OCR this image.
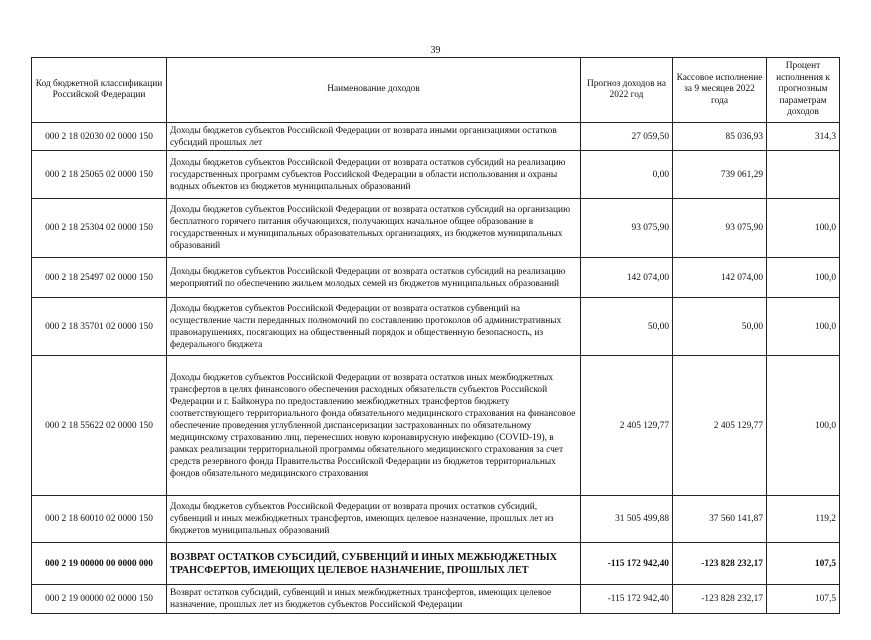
39
Код бюджетной классификации Российской Федерации	Наименование доходов	Прогноз доходов на 2022 год	Кассовое исполнение за 9 месяцев 2022 года	Процент исполнения к прогнозным параметрам доходов
000 2 18 02030 02 0000 150	Доходы бюджетов субъектов Российской Федерации от возврата иными организациями остатков субсидий прошлых лет	27 059,50	85 036,93	314,3
000 2 18 25065 02 0000 150	Доходы бюджетов субъектов Российской Федерации от возврата остатков субсидий на реализацию государственных программ субъектов Российской Федерации в области использования и охраны водных объектов из бюджетов муниципальных образований	0,00	739 061,29	
000 2 18 25304 02 0000 150	Доходы бюджетов субъектов Российской Федерации от возврата остатков субсидий на организацию бесплатного горячего питания обучающихся, получающих начальное общее образование в государственных и муниципальных образовательных организациях, из бюджетов муниципальных образований	93 075,90	93 075,90	100,0
000 2 18 25497 02 0000 150	Доходы бюджетов субъектов Российской Федерации от возврата остатков субсидий на реализацию мероприятий по обеспечению жильем молодых семей из бюджетов муниципальных образований	142 074,00	142 074,00	100,0
000 2 18 35701 02 0000 150	Доходы бюджетов субъектов Российской Федерации от возврата остатков субвенций на осуществление части переданных полномочий по составлению протоколов об административных правонарушениях, посягающих на общественный порядок и общественную безопасность, из федерального бюджета	50,00	50,00	100,0
000 2 18 55622 02 0000 150	Доходы бюджетов субъектов Российской Федерации от возврата остатков иных межбюджетных трансфертов в целях финансового обеспечения расходных обязательств субъектов Российской Федерации и г. Байконура по предоставлению межбюджетных трансфертов бюджету соответствующего территориального фонда обязательного медицинского страхования на финансовое обеспечение проведения углубленной диспансеризации застрахованных по обязательному медицинскому страхованию лиц, перенесших новую коронавирусную инфекцию (COVID-19), в рамках реализации территориальной программы обязательного медицинского страхования за счет средств резервного фонда Правительства Российской Федерации из бюджетов территориальных фондов обязательного медицинского страхования	2 405 129,77	2 405 129,77	100,0
000 2 18 60010 02 0000 150	Доходы бюджетов субъектов Российской Федерации от возврата прочих остатков субсидий, субвенций и иных межбюджетных трансфертов, имеющих целевое назначение, прошлых лет из бюджетов муниципальных образований	31 505 499,88	37 560 141,87	119,2
000 2 19 00000 00 0000 000	ВОЗВРАТ ОСТАТКОВ СУБСИДИЙ, СУБВЕНЦИЙ И ИНЫХ МЕЖБЮДЖЕТНЫХ ТРАНСФЕРТОВ, ИМЕЮЩИХ ЦЕЛЕВОЕ НАЗНАЧЕНИЕ, ПРОШЛЫХ ЛЕТ	-115 172 942,40	-123 828 232,17	107,5
000 2 19 00000 02 0000 150	Возврат остатков субсидий, субвенций и иных межбюджетных трансфертов, имеющих целевое назначение, прошлых лет из бюджетов субъектов Российской Федерации	-115 172 942,40	-123 828 232,17	107,5
